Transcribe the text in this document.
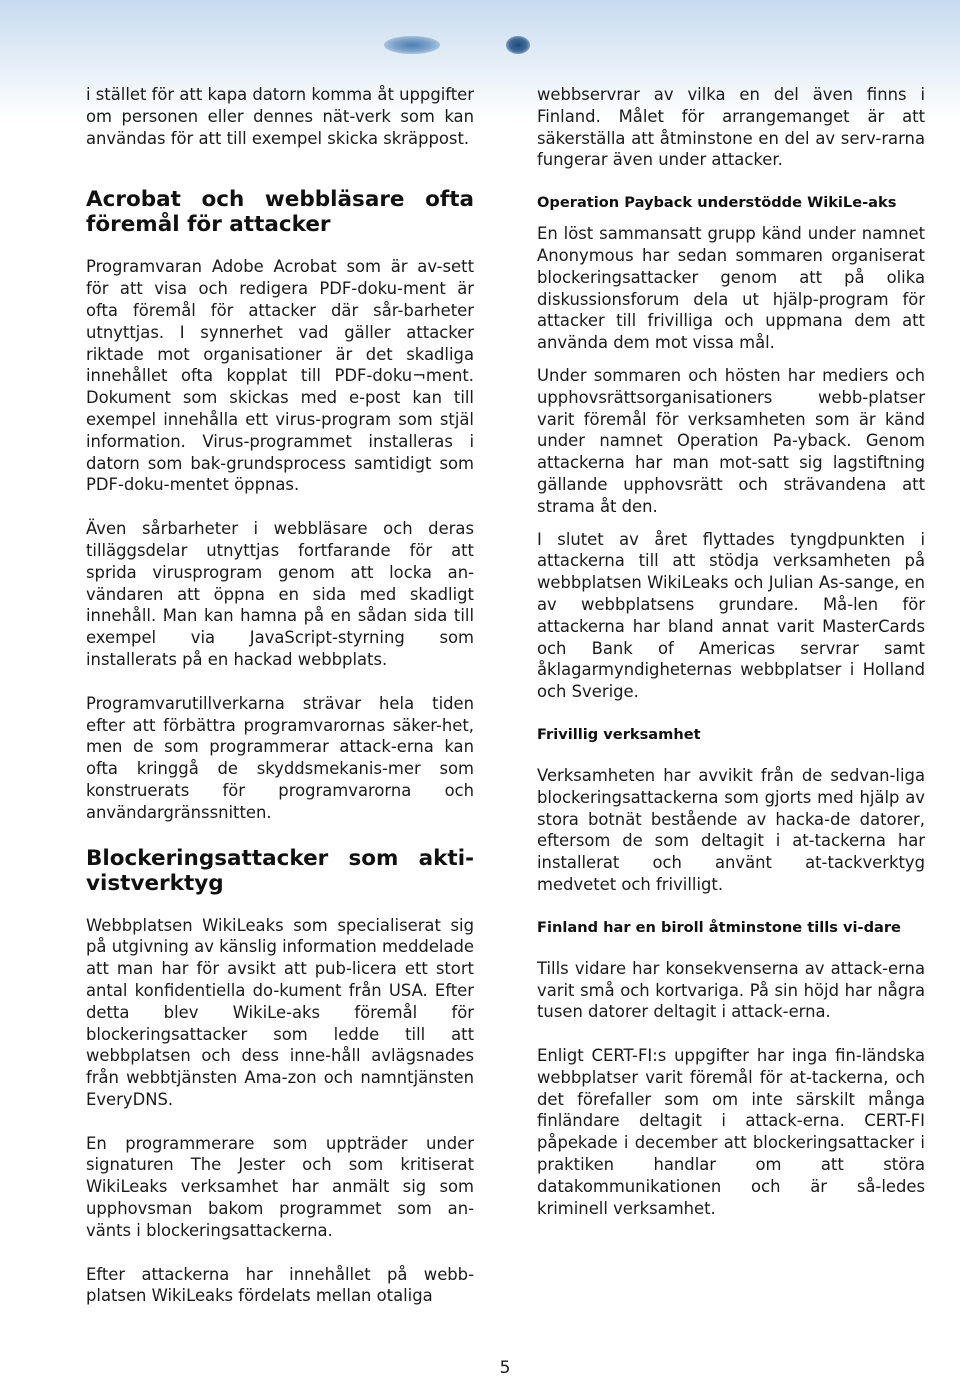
i stället för att kapa datorn komma åt uppgifter om personen eller dennes nät-verk som kan användas för att till exempel skicka skräppost.

Acrobat och webbläsare ofta föremål för attacker

Programvaran Adobe Acrobat som är av-sett för att visa och redigera PDF-doku-ment är ofta föremål för attacker där sår-barheter utnyttjas. I synnerhet vad gäller attacker riktade mot organisationer är det skadliga innehållet ofta kopplat till PDF-doku¬ment. Dokument som skickas med e-post kan till exempel innehålla ett virus-program som stjäl information. Virus-programmet installeras i datorn som bak-grundsprocess samtidigt som PDF-doku-mentet öppnas.

Även sårbarheter i webbläsare och deras tilläggsdelar utnyttjas fortfarande för att sprida virusprogram genom att locka an-vändaren att öppna en sida med skadligt innehåll. Man kan hamna på en sådan sida till exempel via JavaScript-styrning som installerats på en hackad webbplats.

Programvarutillverkarna strävar hela tiden efter att förbättra programvarornas säker-het, men de som programmerar attack-erna kan ofta kringgå de skyddsmekanis-mer som konstruerats för programvarorna och användargränssnitten.

Blockeringsattacker som akti-vistverktyg

Webbplatsen WikiLeaks som specialiserat sig på utgivning av känslig information meddelade att man har för avsikt att pub-licera ett stort antal konfidentiella do-kument från USA. Efter detta blev WikiLe-aks föremål för blockeringsattacker som ledde till att webbplatsen och dess inne-håll avlägsnades från webbtjänsten Ama-zon och namntjänsten EveryDNS.

En programmerare som uppträder under signaturen The Jester och som kritiserat WikiLeaks verksamhet har anmält sig som upphovsman bakom programmet som an-vänts i blockeringsattackerna.

Efter attackerna har innehållet på webb-platsen WikiLeaks fördelats mellan otaliga

webbservrar av vilka en del även finns i Finland. Målet för arrangemanget är att säkerställa att åtminstone en del av serv-rarna fungerar även under attacker.

Operation Payback understödde WikiLe-aks

En löst sammansatt grupp känd under namnet Anonymous har sedan sommaren organiserat blockeringsattacker genom att på olika diskussionsforum dela ut hjälp-program för attacker till frivilliga och uppmana dem att använda dem mot vissa mål.

Under sommaren och hösten har mediers och upphovsrättsorganisationers webb-platser varit föremål för verksamheten som är känd under namnet Operation Pa-yback. Genom attackerna har man mot-satt sig lagstiftning gällande upphovsrätt och strävandena att strama åt den.

I slutet av året flyttades tyngdpunkten i attackerna till att stödja verksamheten på webbplatsen WikiLeaks och Julian As-sange, en av webbplatsens grundare. Må-len för attackerna har bland annat varit MasterCards och Bank of Americas servrar samt åklagarmyndigheternas webbplatser i Holland och Sverige.

Frivillig verksamhet

Verksamheten har avvikit från de sedvan-liga blockeringsattackerna som gjorts med hjälp av stora botnät bestående av hacka-de datorer, eftersom de som deltagit i at-tackerna har installerat och använt at-tackverktyg medvetet och frivilligt.

Finland har en biroll åtminstone tills vi-dare

Tills vidare har konsekvenserna av attack-erna varit små och kortvariga. På sin höjd har några tusen datorer deltagit i attack-erna.

Enligt CERT-FI:s uppgifter har inga fin-ländska webbplatser varit föremål för at-tackerna, och det förefaller som om inte särskilt många finländare deltagit i attack-erna. CERT-FI påpekade i december att blockeringsattacker i praktiken handlar om att störa datakommunikationen och är så-ledes kriminell verksamhet.

5
